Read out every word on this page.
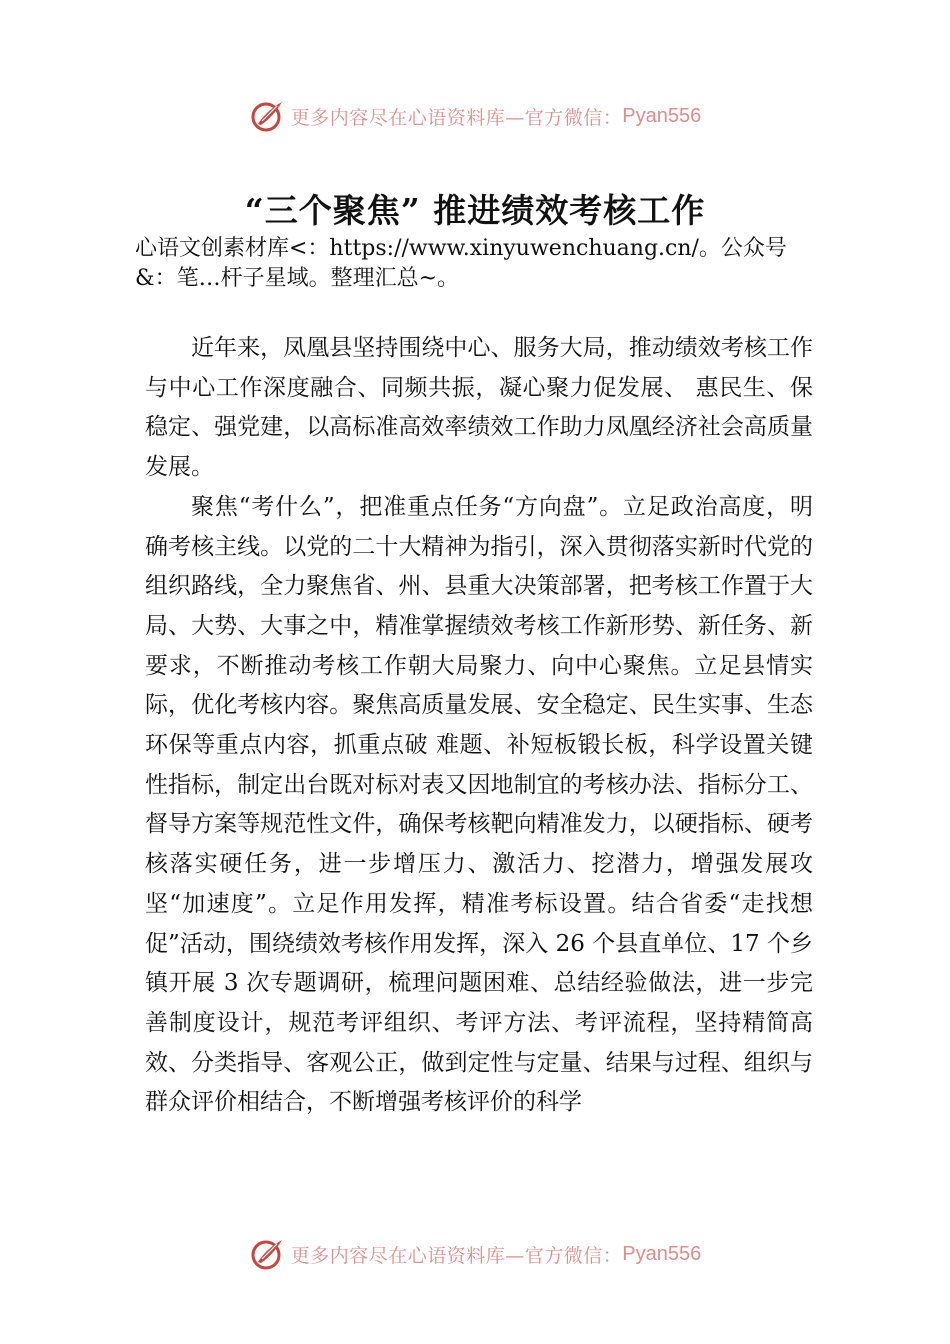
更多内容尽在心语资料库—官方微信： Pyan556
“三个聚焦” 推进绩效考核工作
心语文创素材库<：https://www.xinyuwenchuang.cn/。公众号&：笔…杆子星域。整理汇总~。

近年来，凤凰县坚持围绕中心、服务大局，推动绩效考核工作与中心工作深度融合、同频共振，凝心聚力促发展、 惠民生、保稳定、强党建，以高标准高效率绩效工作助力凤凰经济社会高质量发展。

聚焦“考什么”，把准重点任务“方向盘”。立足政治高度，明确考核主线。以党的二十大精神为指引，深入贯彻落实新时代党的组织路线，全力聚焦省、州、县重大决策部署，把考核工作置于大局、大势、大事之中，精准掌握绩效考核工作新形势、新任务、新要求，不断推动考核工作朝大局聚力、向中心聚焦。立足县情实际，优化考核内容。聚焦高质量发展、安全稳定、民生实事、生态环保等重点内容，抓重点破 难题、补短板锻长板，科学设置关键性指标，制定出台既对标对表又因地制宜的考核办法、指标分工、督导方案等规范性文件，确保考核靶向精准发力，以硬指标、硬考核落实硬任务，进一步增压力、激活力、挖潜力，增强发展攻坚“加速度”。立足作用发挥，精准考标设置。结合省委“走找想促”活动，围绕绩效考核作用发挥，深入 26 个县直单位、17 个乡镇开展 3 次专题调研，梳理问题困难、总结经验做法，进一步完善制度设计，规范考评组织、考评方法、考评流程，坚持精简高效、分类指导、客观公正，做到定性与定量、结果与过程、组织与群众评价相结合，不断增强考核评价的科学

更多内容尽在心语资料库—官方微信： Pyan556
